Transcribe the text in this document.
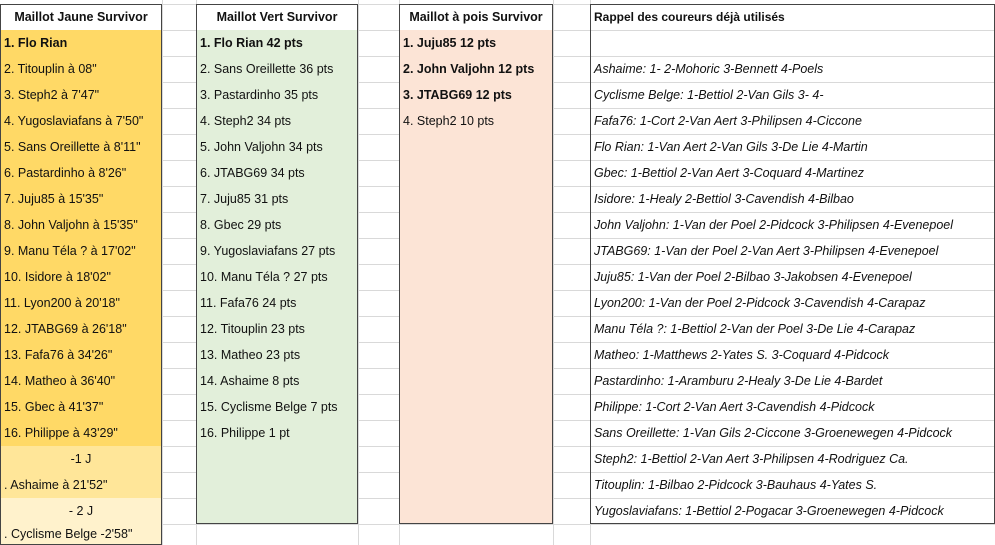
Maillot Jaune Survivor
1. Flo Rian
2. Titouplin à 08"
3. Steph2 à 7'47"
4. Yugoslaviafans à 7'50"
5. Sans Oreillette à 8'11"
6. Pastardinho à 8'26"
7. Juju85 à 15'35"
8. John Valjohn à 15'35"
9. Manu Téla ? à 17'02"
10. Isidore à 18'02"
11. Lyon200 à 20'18"
12. JTABG69 à 26'18"
13. Fafa76 à 34'26"
14. Matheo à 36'40"
15. Gbec à 41'37"
16. Philippe à 43'29"
-1 J
. Ashaime à 21'52"
- 2 J
. Cyclisme Belge -2'58"
Maillot Vert Survivor
1. Flo Rian 42 pts
2. Sans Oreillette 36 pts
3. Pastardinho 35 pts
4. Steph2 34 pts
5. John Valjohn 34 pts
6. JTABG69 34 pts
7. Juju85 31 pts
8. Gbec 29 pts
9. Yugoslaviafans 27 pts
10. Manu Téla ? 27 pts
11. Fafa76 24 pts
12. Titouplin 23 pts
13. Matheo 23 pts
14. Ashaime 8 pts
15. Cyclisme Belge 7 pts
16. Philippe 1 pt
Maillot à pois Survivor
1. Juju85 12 pts
2. John Valjohn 12 pts
3. JTABG69 12 pts
4. Steph2 10 pts
Rappel des coureurs déjà utilisés
Ashaime: 1- 2-Mohoric 3-Bennett 4-Poels
Cyclisme Belge: 1-Bettiol 2-Van Gils 3- 4-
Fafa76: 1-Cort 2-Van Aert 3-Philipsen 4-Ciccone
Flo Rian: 1-Van Aert 2-Van Gils 3-De Lie 4-Martin
Gbec: 1-Bettiol 2-Van Aert 3-Coquard 4-Martinez
Isidore: 1-Healy 2-Bettiol 3-Cavendish 4-Bilbao
John Valjohn: 1-Van der Poel 2-Pidcock 3-Philipsen 4-Evenepoel
JTABG69: 1-Van der Poel 2-Van Aert 3-Philipsen 4-Evenepoel
Juju85: 1-Van der Poel 2-Bilbao 3-Jakobsen 4-Evenepoel
Lyon200: 1-Van der Poel 2-Pidcock 3-Cavendish 4-Carapaz
Manu Téla ?: 1-Bettiol 2-Van der Poel 3-De Lie 4-Carapaz
Matheo: 1-Matthews 2-Yates S. 3-Coquard 4-Pidcock
Pastardinho: 1-Aramburu 2-Healy 3-De Lie 4-Bardet
Philippe: 1-Cort 2-Van Aert 3-Cavendish 4-Pidcock
Sans Oreillette: 1-Van Gils 2-Ciccone 3-Groenewegen 4-Pidcock
Steph2: 1-Bettiol 2-Van Aert 3-Philipsen 4-Rodriguez Ca.
Titouplin: 1-Bilbao 2-Pidcock 3-Bauhaus 4-Yates S.
Yugoslaviafans: 1-Bettiol 2-Pogacar 3-Groenewegen 4-Pidcock
